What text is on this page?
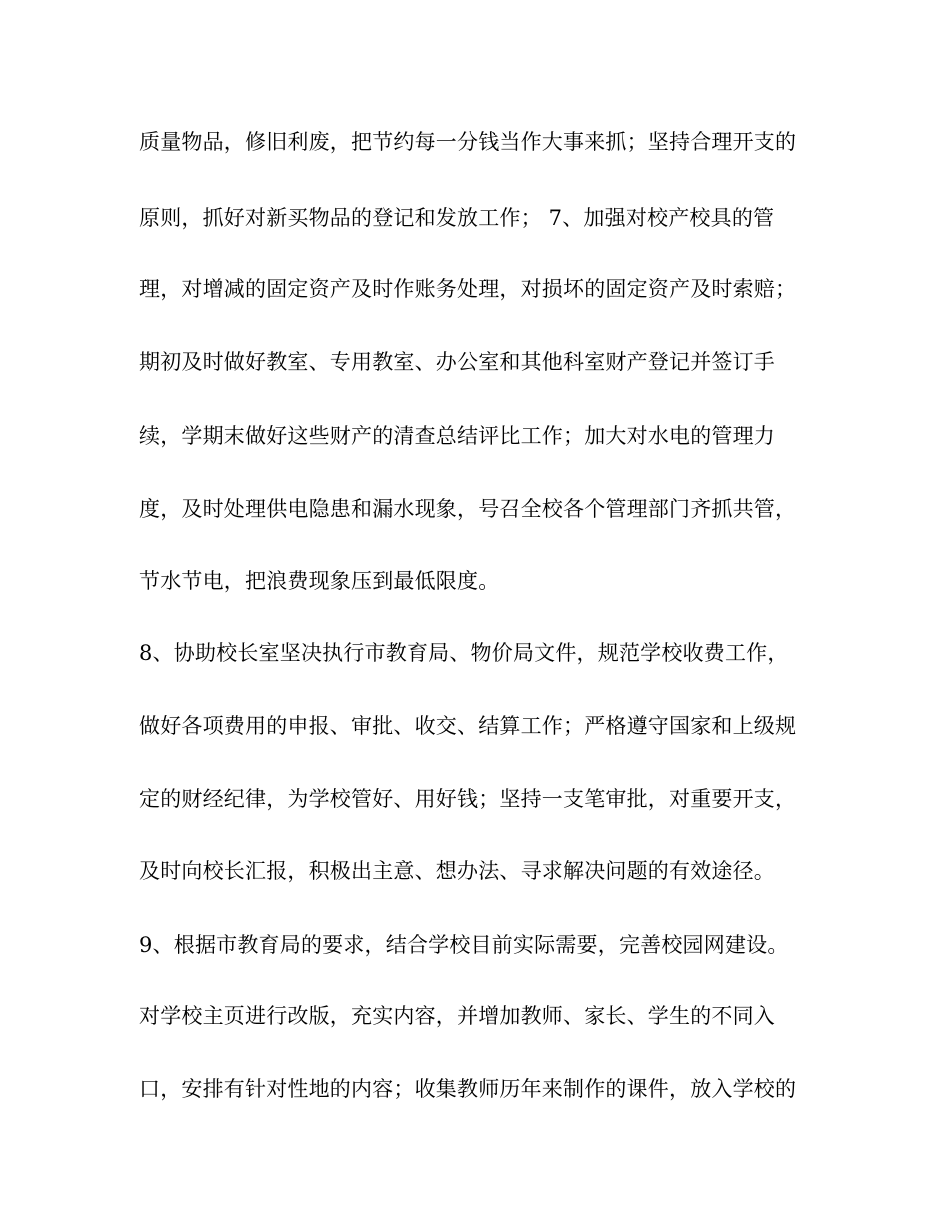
质量物品，修旧利废，把节约每一分钱当作大事来抓；坚持合理开支的
原则，抓好对新买物品的登记和发放工作； 7、加强对校产校具的管
理，对增减的固定资产及时作账务处理，对损坏的固定资产及时索赔；
期初及时做好教室、专用教室、办公室和其他科室财产登记并签订手
续，学期末做好这些财产的清查总结评比工作；加大对水电的管理力
度，及时处理供电隐患和漏水现象，号召全校各个管理部门齐抓共管，
节水节电，把浪费现象压到最低限度。
8、协助校长室坚决执行市教育局、物价局文件，规范学校收费工作，
做好各项费用的申报、审批、收交、结算工作；严格遵守国家和上级规
定的财经纪律，为学校管好、用好钱；坚持一支笔审批，对重要开支，
及时向校长汇报，积极出主意、想办法、寻求解决问题的有效途径。
9、根据市教育局的要求，结合学校目前实际需要，完善校园网建设。
对学校主页进行改版，充实内容，并增加教师、家长、学生的不同入
口，安排有针对性地的内容；收集教师历年来制作的课件，放入学校的
